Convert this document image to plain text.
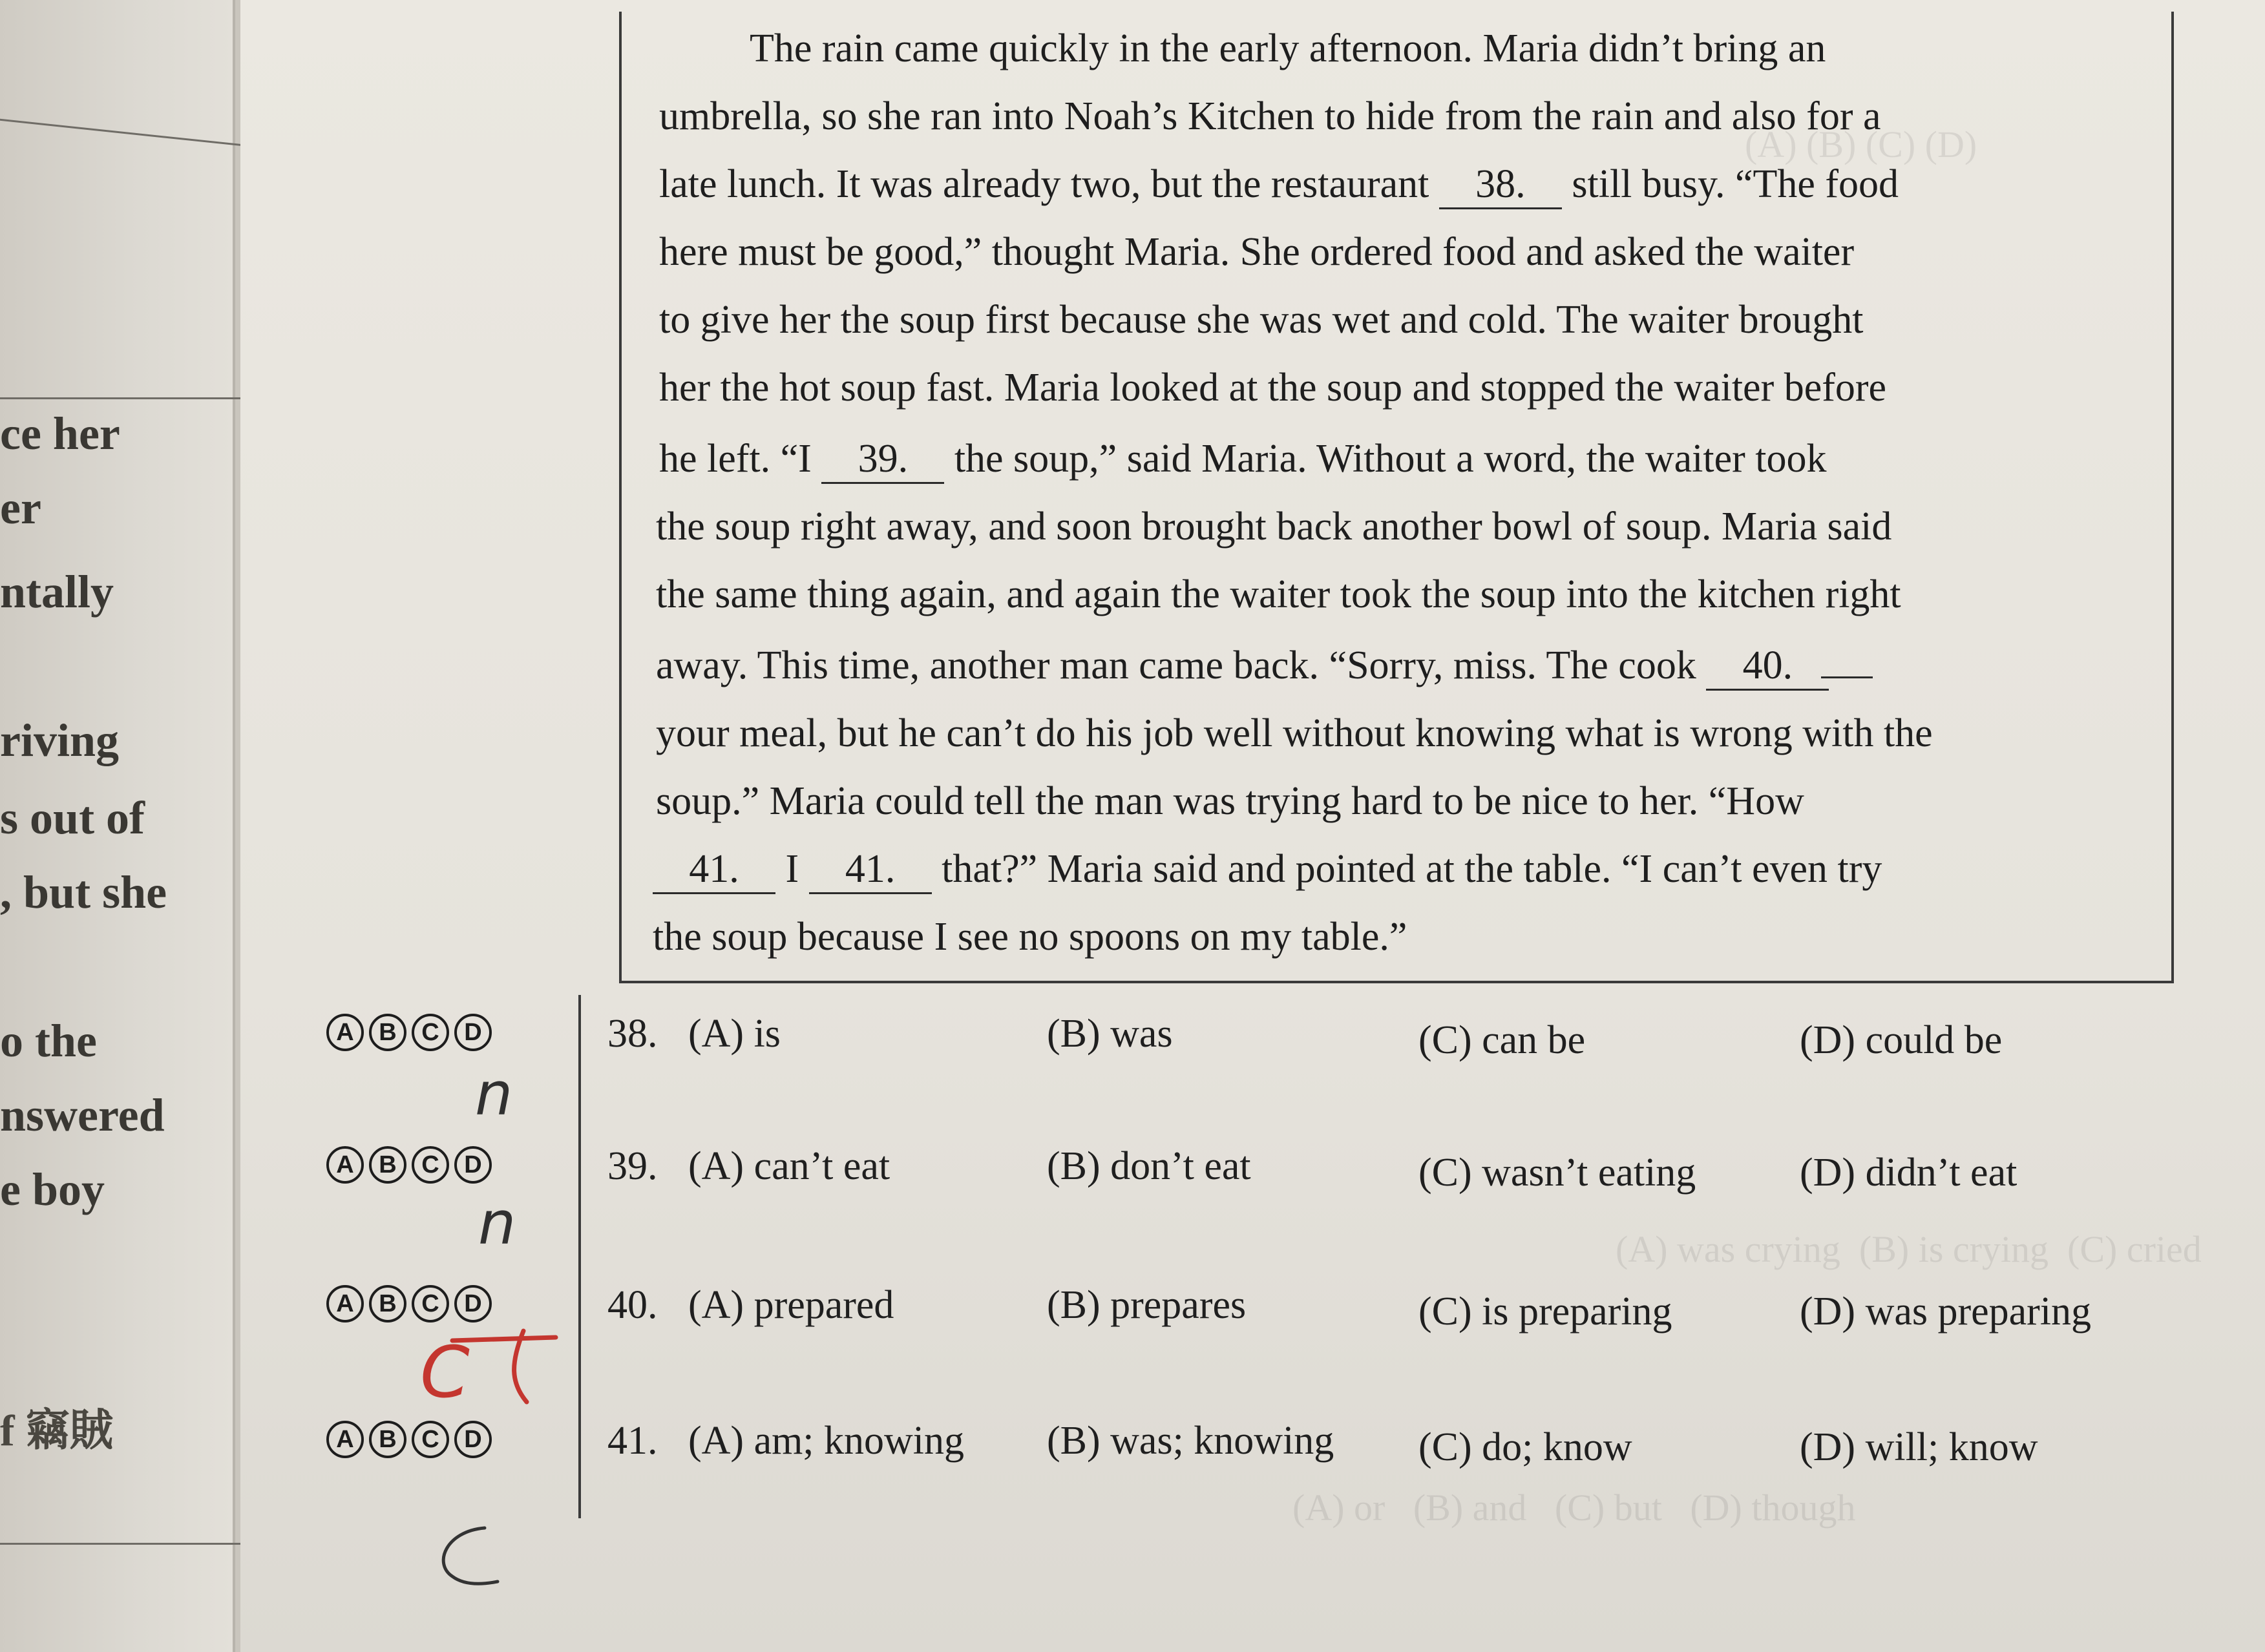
ce her
er
ntally
riving
s out of
, but she
o the
nswered
e boy
f 竊賊
(A) (B) (C) (D)
(A) was crying  (B) is crying  (C) cried
(A) or   (B) and   (C) but   (D) though
The rain came quickly in the early afternoon. Maria didn’t bring an
umbrella, so she ran into Noah’s Kitchen to hide from the rain and also for a
late lunch. It was already two, but the restaurant 38. still busy. “The food
here must be good,” thought Maria. She ordered food and asked the waiter
to give her the soup first because she was wet and cold. The waiter brought
her the hot soup fast. Maria looked at the soup and stopped the waiter before
he left. “I 39. the soup,” said Maria. Without a word, the waiter took
the soup right away, and soon brought back another bowl of soup. Maria said
the same thing again, and again the waiter took the soup into the kitchen right
away. This time, another man came back. “Sorry, miss. The cook 40.
your meal, but he can’t do his job well without knowing what is wrong with the
soup.” Maria could tell the man was trying hard to be nice to her. “How
41. I 41. that?” Maria said and pointed at the table. “I can’t even try
the soup because I see no spoons on my table.”
A	B	C	D	38. (A) is	(B) was	(C) can be	(D) could be
A	B	C	D	39. (A) can’t eat	(B) don’t eat	(C) wasn’t eating	(D) didn’t eat
A	B	C	D	40. (A) prepared	(B) prepares	(C) is preparing	(D) was preparing
A	B	C	D	41. (A) am; knowing (B) was; knowing (C) do; know	(D) will; know
n
n
C
